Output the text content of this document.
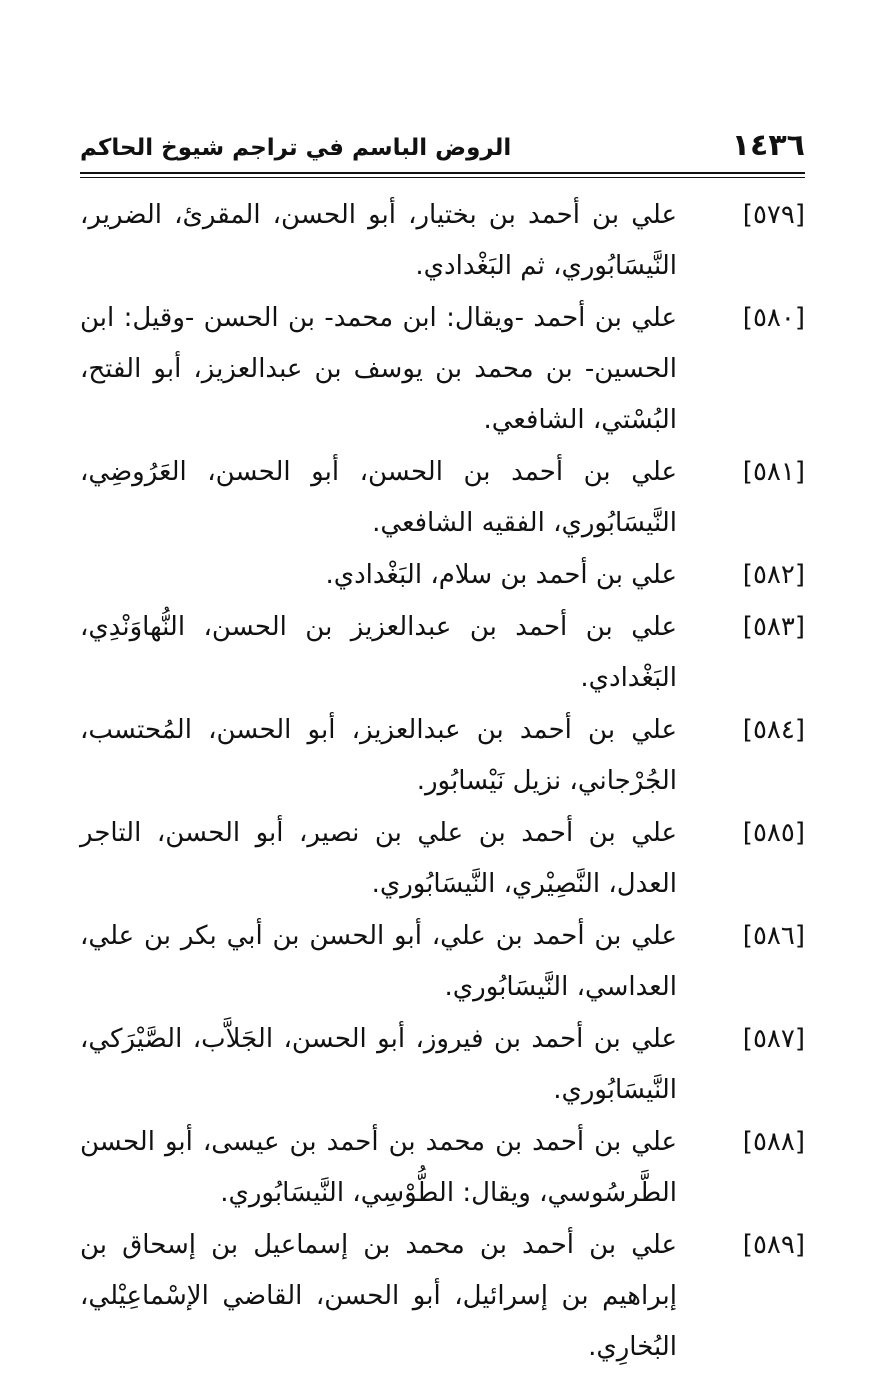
١٤٣٦
الروض الباسم في تراجم شيوخ الحاكم
[٥٧٩]
علي بن أحمد بن بختيار، أبو الحسن، المقرئ، الضرير، النَّيسَابُوري، ثم البَغْدادي.
[٥٨٠]
علي بن أحمد -ويقال: ابن محمد- بن الحسن -وقيل: ابن الحسين- بن محمد بن يوسف بن عبدالعزيز، أبو الفتح، البُسْتي، الشافعي.
[٥٨١]
علي بن أحمد بن الحسن، أبو الحسن، العَرُوضِي، النَّيسَابُوري، الفقيه الشافعي.
[٥٨٢]
علي بن أحمد بن سلام، البَغْدادي.
[٥٨٣]
علي بن أحمد بن عبدالعزيز بن الحسن، النُّهاوَنْدِي، البَغْدادي.
[٥٨٤]
علي بن أحمد بن عبدالعزيز، أبو الحسن، المُحتسب، الجُرْجاني، نزيل نَيْسابُور.
[٥٨٥]
علي بن أحمد بن علي بن نصير، أبو الحسن، التاجر العدل، النَّصِيْري، النَّيسَابُوري.
[٥٨٦]
علي بن أحمد بن علي، أبو الحسن بن أبي بكر بن علي، العداسي، النَّيسَابُوري.
[٥٨٧]
علي بن أحمد بن فيروز، أبو الحسن، الجَلاَّب، الصَّيْرَكي، النَّيسَابُوري.
[٥٨٨]
علي بن أحمد بن محمد بن أحمد بن عيسى، أبو الحسن الطَّرسُوسي، ويقال: الطُّوْسِي، النَّيسَابُوري.
[٥٨٩]
علي بن أحمد بن محمد بن إسماعيل بن إسحاق بن إبراهيم بن إسرائيل، أبو الحسن، القاضي الإسْماعِيْلي، البُخارِي.
